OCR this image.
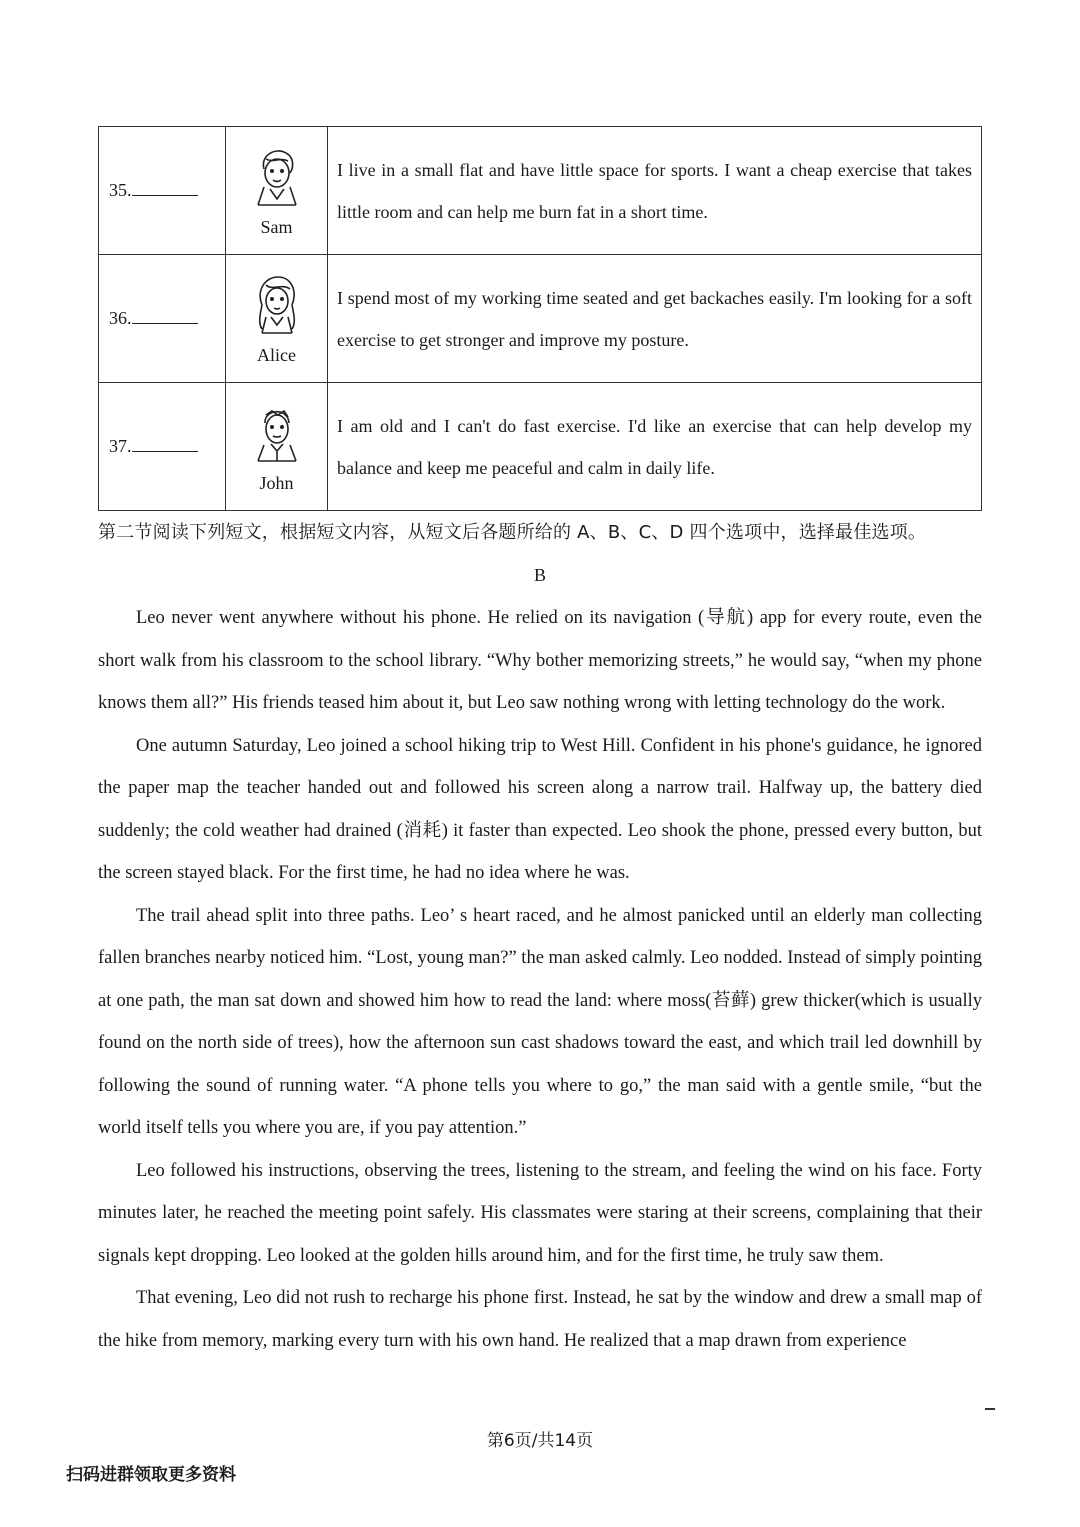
35.	Sam	I live in a small flat and have little space for sports. I want a cheap exercise that takes little room and can help me burn fat in a short time.
36.	Alice	I spend most of my working time seated and get backaches easily. I'm looking for a soft exercise to get stronger and improve my posture.
37.	John	I am old and I can't do fast exercise. I'd like an exercise that can help develop my balance and keep me peaceful and calm in daily life.
第二节阅读下列短文，根据短文内容，从短文后各题所给的 A、B、C、D 四个选项中，选择最佳选项。
B

Leo never went anywhere without his phone. He relied on its navigation (导航) app for every route, even the short walk from his classroom to the school library. “Why bother memorizing streets,” he would say, “when my phone knows them all?” His friends teased him about it, but Leo saw nothing wrong with letting technology do the work.

One autumn Saturday, Leo joined a school hiking trip to West Hill. Confident in his phone's guidance, he ignored the paper map the teacher handed out and followed his screen along a narrow trail. Halfway up, the battery died suddenly; the cold weather had drained (消耗) it faster than expected. Leo shook the phone, pressed every button, but the screen stayed black. For the first time, he had no idea where he was.

The trail ahead split into three paths. Leo’ s heart raced, and he almost panicked until an elderly man collecting fallen branches nearby noticed him. “Lost, young man?” the man asked calmly. Leo nodded. Instead of simply pointing at one path, the man sat down and showed him how to read the land: where moss(苔藓) grew thicker(which is usually found on the north side of trees), how the afternoon sun cast shadows toward the east, and which trail led downhill by following the sound of running water. “A phone tells you where to go,” the man said with a gentle smile, “but the world itself tells you where you are, if you pay attention.”

Leo followed his instructions, observing the trees, listening to the stream, and feeling the wind on his face. Forty minutes later, he reached the meeting point safely. His classmates were staring at their screens, complaining that their signals kept dropping. Leo looked at the golden hills around him, and for the first time, he truly saw them.

That evening, Leo did not rush to recharge his phone first. Instead, he sat by the window and drew a small map of the hike from memory, marking every turn with his own hand. He realized that a map drawn from experience

第6页/共14页
扫码进群领取更多资料
